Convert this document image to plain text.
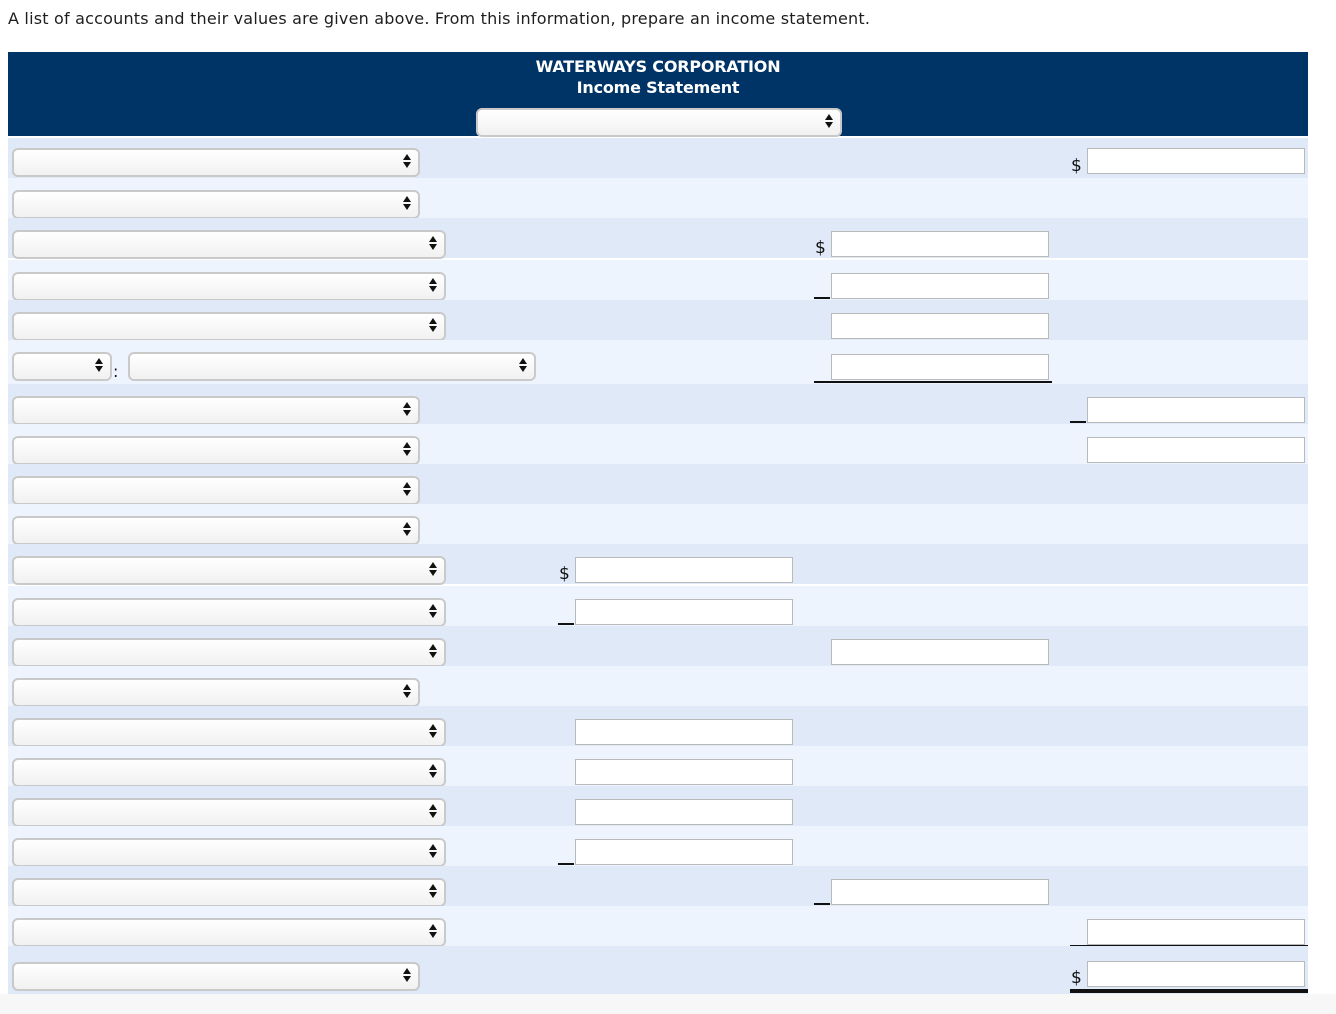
A list of accounts and their values are given above. From this information, prepare an income statement.
WATERWAYS CORPORATION
Income Statement
$
$
:
$
$
